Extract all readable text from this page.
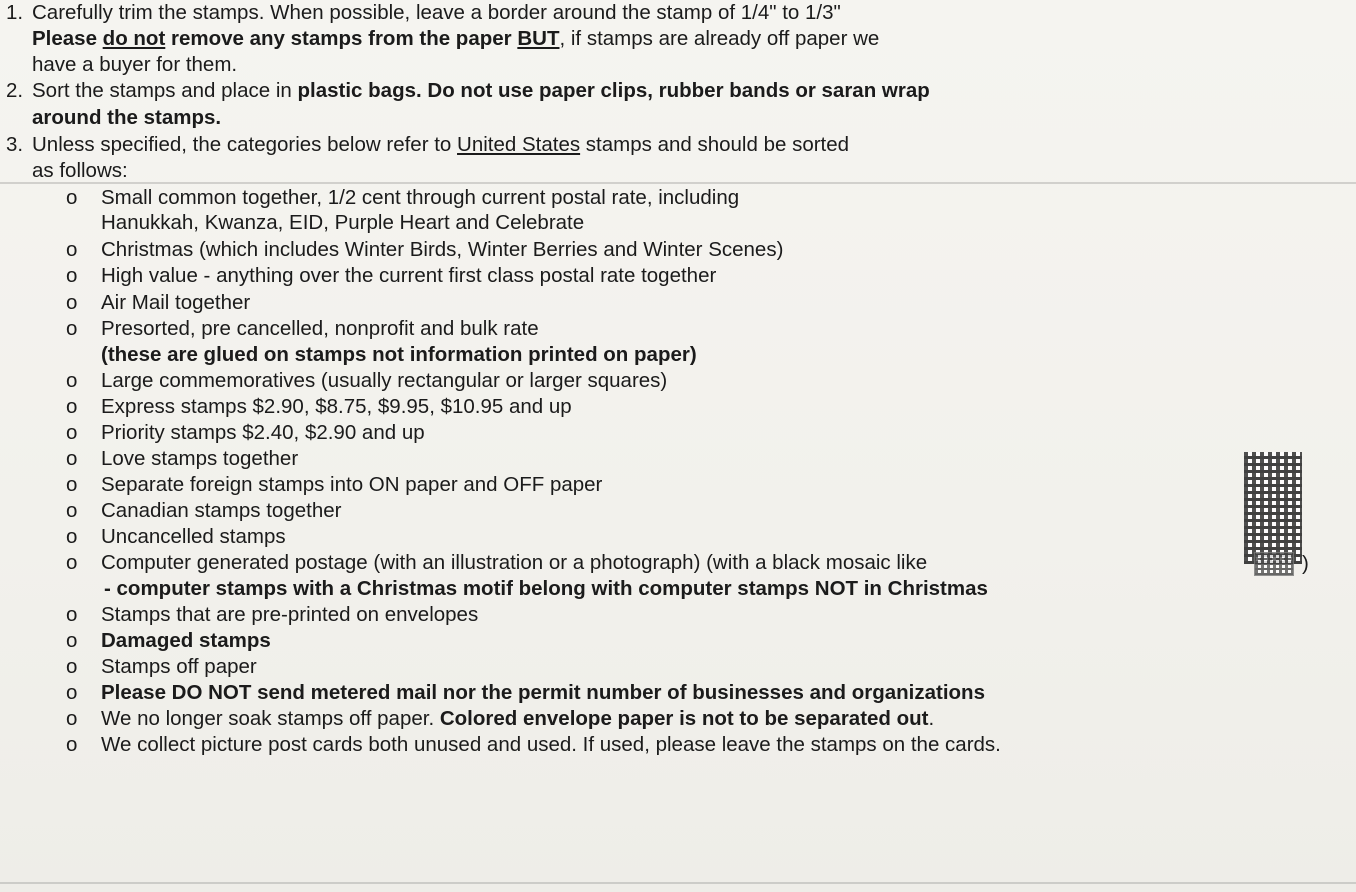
1. Carefully trim the stamps. When possible, leave a border around the stamp of 1/4" to 1/3"
Please do not remove any stamps from the paper BUT, if stamps are already off paper we
have a buyer for them.
2. Sort the stamps and place in plastic bags. Do not use paper clips, rubber bands or saran wrap
around the stamps.
3. Unless specified, the categories below refer to United States stamps and should be sorted
as follows:
o Small common together, 1/2 cent through current postal rate, including
Hanukkah, Kwanza, EID, Purple Heart and Celebrate
o Christmas (which includes Winter Birds, Winter Berries and Winter Scenes)
o High value - anything over the current first class postal rate together
o Air Mail together
o Presorted, pre cancelled, nonprofit and bulk rate
(these are glued on stamps not information printed on paper)
o Large commemoratives (usually rectangular or larger squares)
o Express stamps $2.90, $8.75, $9.95, $10.95 and up
o Priority stamps $2.40, $2.90 and up
o Love stamps together
o Separate foreign stamps into ON paper and OFF paper
o Canadian stamps together
o Uncancelled stamps
o Computer generated postage (with an illustration or a photograph) (with a black mosaic like
- computer stamps with a Christmas motif belong with computer stamps NOT in Christmas
o Stamps that are pre-printed on envelopes
o Damaged stamps
o Stamps off paper
o Please DO NOT send metered mail nor the permit number of businesses and organizations
o We no longer soak stamps off paper. Colored envelope paper is not to be separated out.
o We collect picture post cards both unused and used. If used, please leave the stamps on the cards.
)
